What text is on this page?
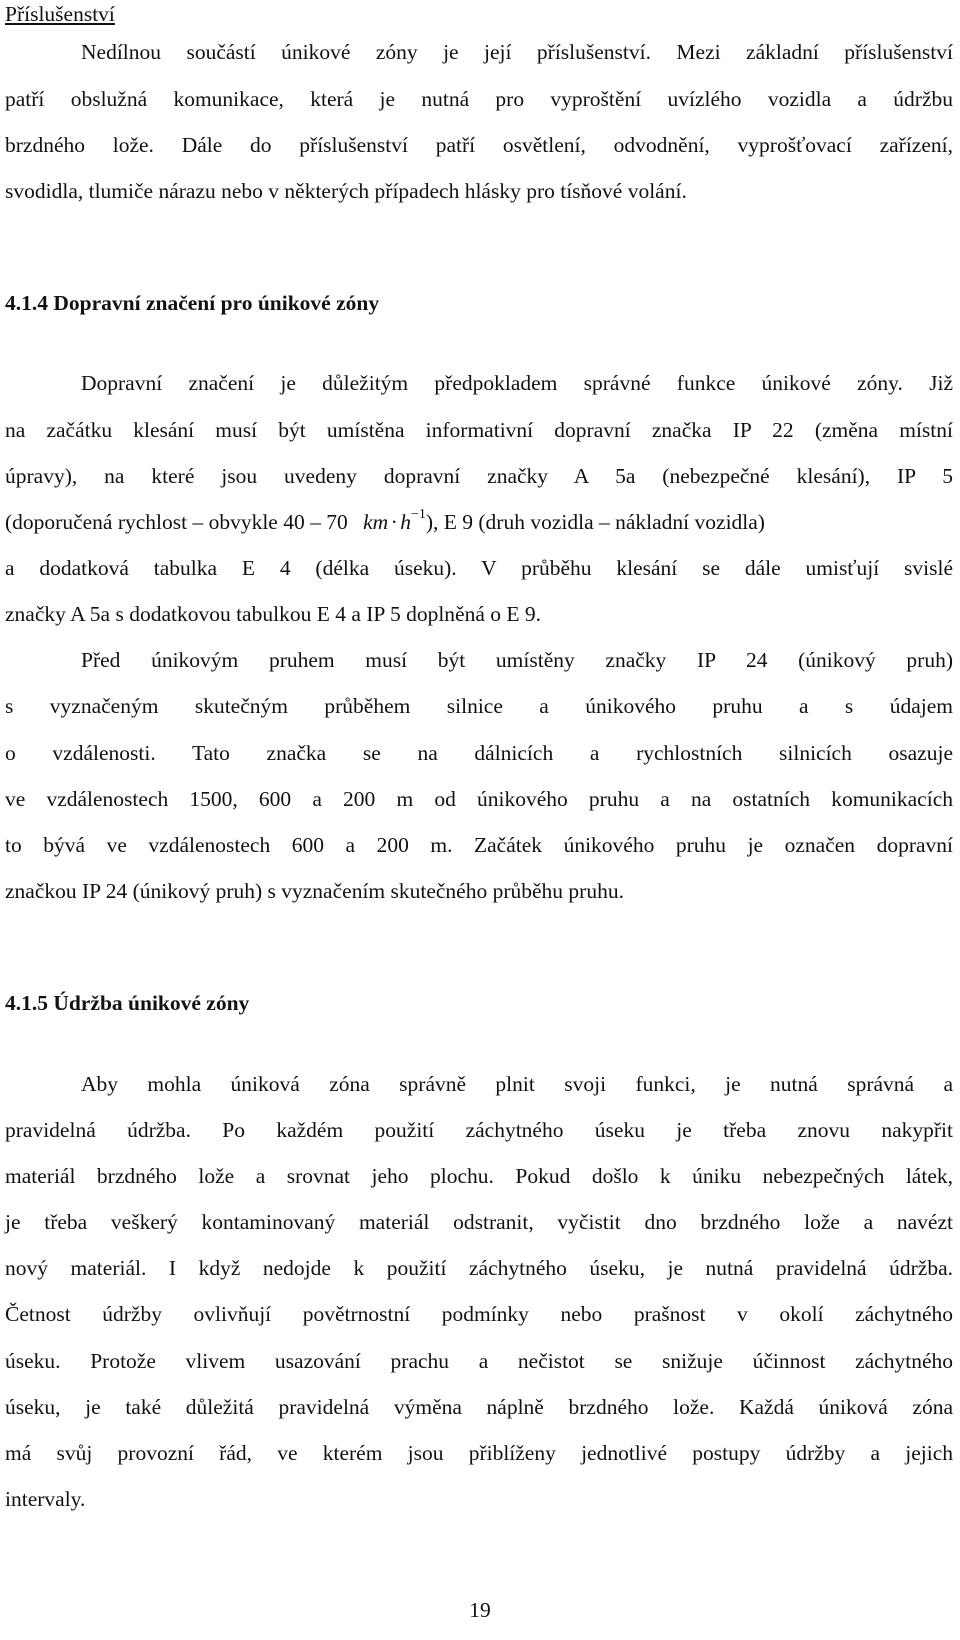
Příslušenství
Nedílnou součástí únikové zóny je její příslušenství. Mezi základní příslušenství
patří obslužná komunikace, která je nutná pro vyproštění uvízlého vozidla a údržbu
brzdného lože. Dále do příslušenství patří osvětlení, odvodnění, vyprošťovací zařízení,
svodidla, tlumiče nárazu nebo v některých případech hlásky pro tísňové volání.
4.1.4 Dopravní značení pro únikové zóny
Dopravní značení je důležitým předpokladem správné funkce únikové zóny. Již
na začátku klesání musí být umístěna informativní dopravní značka IP 22 (změna místní
úpravy), na které jsou uvedeny dopravní značky A 5a (nebezpečné klesání), IP 5
(doporučená rychlost – obvykle 40 – 70 km · $h^{-1}$), E 9 (druh vozidla – nákladní vozidla)
a dodatková tabulka E 4 (délka úseku). V průběhu klesání se dále umisťují svislé
značky A 5a s dodatkovou tabulkou E 4 a IP 5 doplněná o E 9.
Před únikovým pruhem musí být umístěny značky IP 24 (únikový pruh)
s vyznačeným skutečným průběhem silnice a únikového pruhu a s údajem
o vzdálenosti. Tato značka se na dálnicích a rychlostních silnicích osazuje
ve vzdálenostech 1500, 600 a 200 m od únikového pruhu a na ostatních komunikacích
to bývá ve vzdálenostech 600 a 200 m. Začátek únikového pruhu je označen dopravní
značkou IP 24 (únikový pruh) s vyznačením skutečného průběhu pruhu.
4.1.5 Údržba únikové zóny
Aby mohla úniková zóna správně plnit svoji funkci, je nutná správná a
pravidelná údržba. Po každém použití záchytného úseku je třeba znovu nakypřit
materiál brzdného lože a srovnat jeho plochu. Pokud došlo k úniku nebezpečných látek,
je třeba veškerý kontaminovaný materiál odstranit, vyčistit dno brzdného lože a navézt
nový materiál. I když nedojde k použití záchytného úseku, je nutná pravidelná údržba.
Četnost údržby ovlivňují povětrnostní podmínky nebo prašnost v okolí záchytného
úseku. Protože vlivem usazování prachu a nečistot se snižuje účinnost záchytného
úseku, je také důležitá pravidelná výměna náplně brzdného lože. Každá úniková zóna
má svůj provozní řád, ve kterém jsou přiblíženy jednotlivé postupy údržby a jejich
intervaly.
19
